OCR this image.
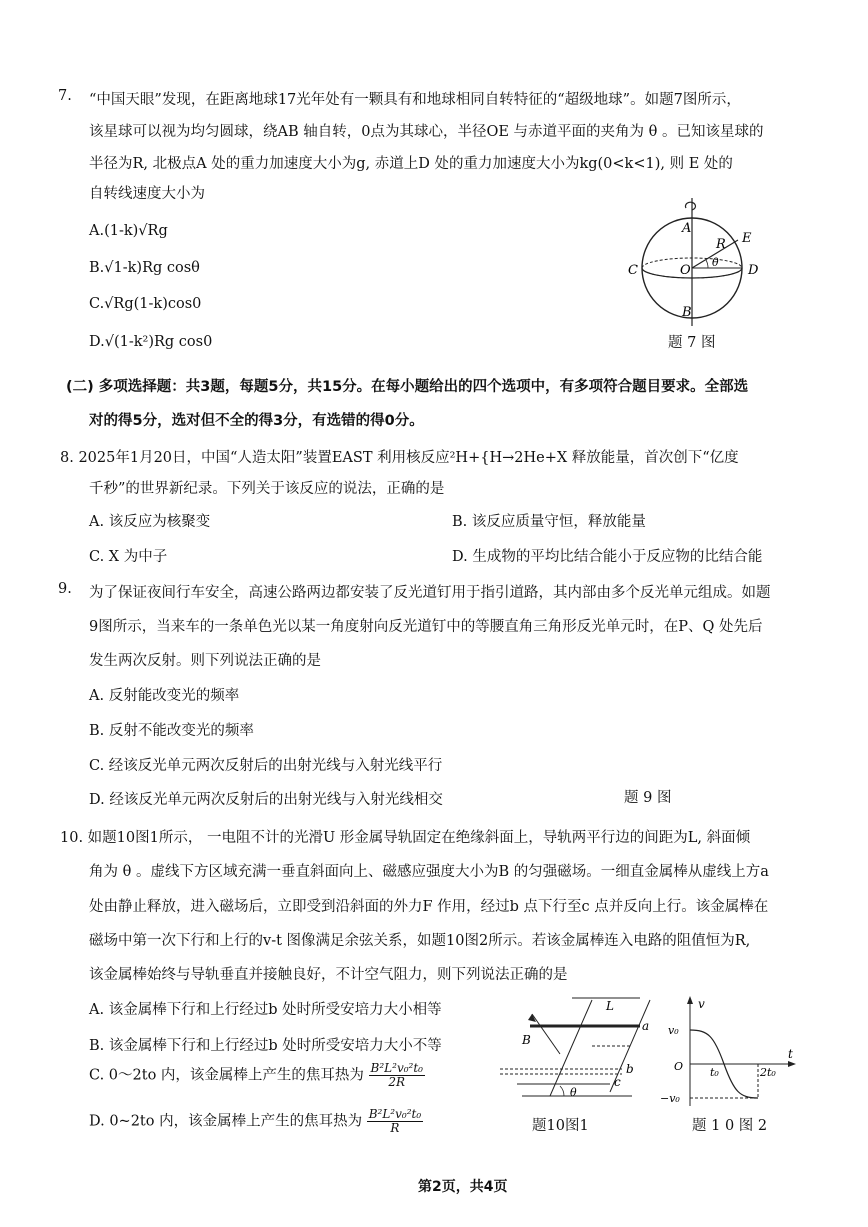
7. “中国天眼”发现，在距离地球17光年处有一颗具有和地球相同自转特征的“超级地球”。如题7图所示，
该星球可以视为均匀圆球，绕AB 轴自转，0点为其球心，半径OE 与赤道平面的夹角为 θ 。已知该星球的
半径为R, 北极点A 处的重力加速度大小为g, 赤道上D 处的重力加速度大小为kg(0<k<1), 则 E 处的
自转线速度大小为
A.(1-k)√Rg
B.√1-k)Rg cosθ
C.√Rg(1-k)cos0
D.√(1-k²)Rg cos0
A
B
C	D
O
E
R
θ
题 7 图
(二) 多项选择题：共3题，每题5分，共15分。在每小题给出的四个选项中，有多项符合题目要求。全部选
对的得5分，选对但不全的得3分，有选错的得0分。
8. 2025年1月20日，中国“人造太阳”装置EAST 利用核反应²H+{H→2He+X 释放能量，首次创下“亿度
千秒”的世界新纪录。下列关于该反应的说法，正确的是
A. 该反应为核聚变	B. 该反应质量守恒，释放能量
C. X 为中子	D. 生成物的平均比结合能小于反应物的比结合能
9. 为了保证夜间行车安全，高速公路两边都安装了反光道钉用于指引道路，其内部由多个反光单元组成。如题
9图所示，当来车的一条单色光以某一角度射向反光道钉中的等腰直角三角形反光单元时，在P、Q 处先后
发生两次反射。则下列说法正确的是
A. 反射能改变光的频率
B. 反射不能改变光的频率
C. 经该反光单元两次反射后的出射光线与入射光线平行
D. 经该反光单元两次反射后的出射光线与入射光线相交	题 9 图
10. 如题10图1所示， 一电阻不计的光滑U 形金属导轨固定在绝缘斜面上，导轨两平行边的间距为L, 斜面倾
角为 θ 。虚线下方区域充满一垂直斜面向上、磁感应强度大小为B 的匀强磁场。一细直金属棒从虚线上方a
处由静止释放，进入磁场后，立即受到沿斜面的外力F 作用，经过b 点下行至c 点并反向上行。该金属棒在
磁场中第一次下行和上行的v-t 图像满足余弦关系，如题10图2所示。若该金属棒连入电路的阻值恒为R,
该金属棒始终与导轨垂直并接触良好，不计空气阻力，则下列说法正确的是
A. 该金属棒下行和上行经过b 处时所受安培力大小相等
B. 该金属棒下行和上行经过b 处时所受安培力大小不等
C. 0～2to 内，该金属棒上产生的焦耳热为 $\frac{\text{B²L²v₀²t₀}}{2R}$
D. 0~2to 内，该金属棒上产生的焦耳热为 $\frac{\text{B²L²v₀²t₀}}{R}$
L
B
a
b
c
θ
题10图1
v
v₀
O t₀	2t₀
t
−v₀
题 1 0 图 2
第2页，共4页
